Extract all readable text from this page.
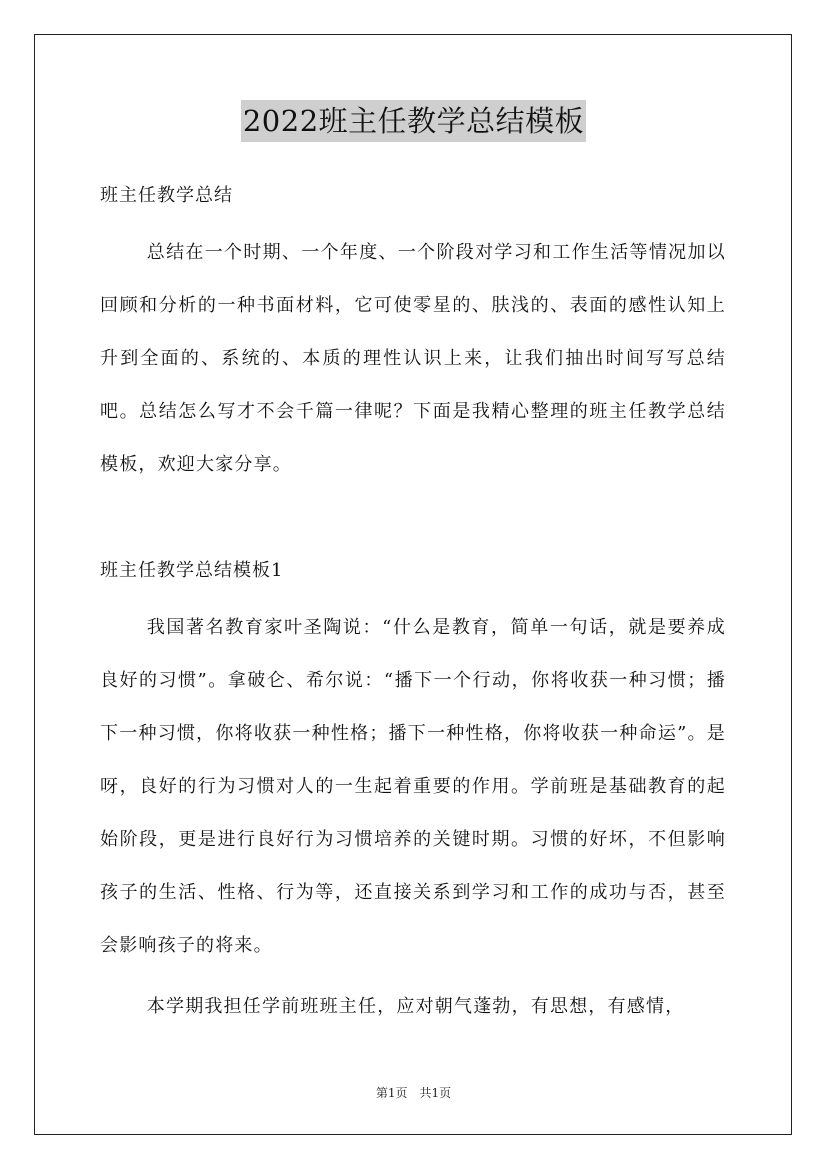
2022班主任教学总结模板

班主任教学总结

总结在一个时期、一个年度、一个阶段对学习和工作生活等情况加以回顾和分析的一种书面材料，它可使零星的、肤浅的、表面的感性认知上升到全面的、系统的、本质的理性认识上来，让我们抽出时间写写总结吧。总结怎么写才不会千篇一律呢？下面是我精心整理的班主任教学总结模板，欢迎大家分享。

班主任教学总结模板1

我国著名教育家叶圣陶说：“什么是教育，简单一句话，就是要养成良好的习惯”。拿破仑、希尔说：“播下一个行动，你将收获一种习惯；播下一种习惯，你将收获一种性格；播下一种性格，你将收获一种命运”。是呀，良好的行为习惯对人的一生起着重要的作用。学前班是基础教育的起始阶段，更是进行良好行为习惯培养的关键时期。习惯的好坏，不但影响孩子的生活、性格、行为等，还直接关系到学习和工作的成功与否，甚至会影响孩子的将来。

本学期我担任学前班班主任，应对朝气蓬勃，有思想，有感情，

第1页　共1页
